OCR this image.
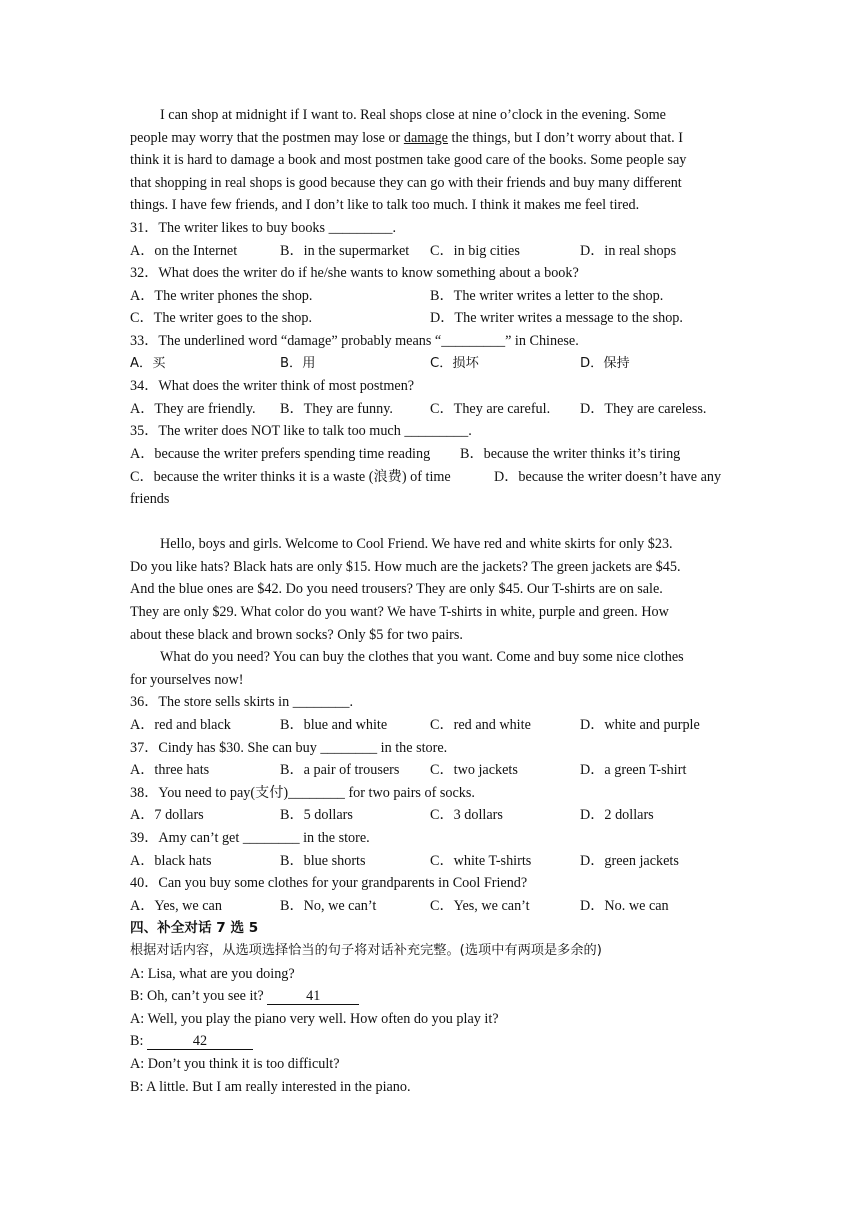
I can shop at midnight if I want to. Real shops close at nine o’clock in the evening. Some
people may worry that the postmen may lose or damage the things, but I don’t worry about that. I
think it is hard to damage a book and most postmen take good care of the books. Some people say
that shopping in real shops is good because they can go with their friends and buy many different
things. I have few friends, and I don’t like to talk too much. I think it makes me feel tired.
31．The writer likes to buy books _________.
A．on the Internet	B．in the supermarket C．in big cities	D．in real shops
32．What does the writer do if he/she wants to know something about a book?
A．The writer phones the shop.	B．The writer writes a letter to the shop.
C．The writer goes to the shop.	D．The writer writes a message to the shop.
33．The underlined word “damage” probably means “_________” in Chinese.
A．买	B．用	C．损坏	D．保持
34．What does the writer think of most postmen?
A．They are friendly. B．They are funny.	C．They are careful. D．They are careless.
35．The writer does NOT like to talk too much _________.
A．because the writer prefers spending time reading B．because the writer thinks it’s tiring
C．because the writer thinks it is a waste (浪费) of time	D．because the writer doesn’t have any
friends
Hello, boys and girls. Welcome to Cool Friend. We have red and white skirts for only $23.
Do you like hats? Black hats are only $15. How much are the jackets? The green jackets are $45.
And the blue ones are $42. Do you need trousers? They are only $45. Our T-shirts are on sale.
They are only $29. What color do you want? We have T-shirts in white, purple and green. How
about these black and brown socks? Only $5 for two pairs.
What do you need? You can buy the clothes that you want. Come and buy some nice clothes
for yourselves now!
36．The store sells skirts in ________.
A．red and black	B．blue and white	C．red and white	D．white and purple
37．Cindy has $30. She can buy ________ in the store.
A．three hats	B．a pair of trousers C．two jackets	D．a green T-shirt
38．You need to pay(支付)________ for two pairs of socks.
A．7 dollars	B．5 dollars	C．3 dollars	D．2 dollars
39．Amy can’t get ________ in the store.
A．black hats	B．blue shorts	C．white T-shirts	D．green jackets
40．Can you buy some clothes for your grandparents in Cool Friend?
A．Yes, we can	B．No, we can’t	C．Yes, we can’t	D．No. we can
四、补全对话 7 选 5
根据对话内容，从选项选择恰当的句子将对话补充完整。(选项中有两项是多余的)
A: Lisa, what are you doing?
B: Oh, can’t you see it?	41
A: Well, you play the piano very well. How often do you play it?
B:	42
A: Don’t you think it is too difficult?
B: A little. But I am really interested in the piano.
